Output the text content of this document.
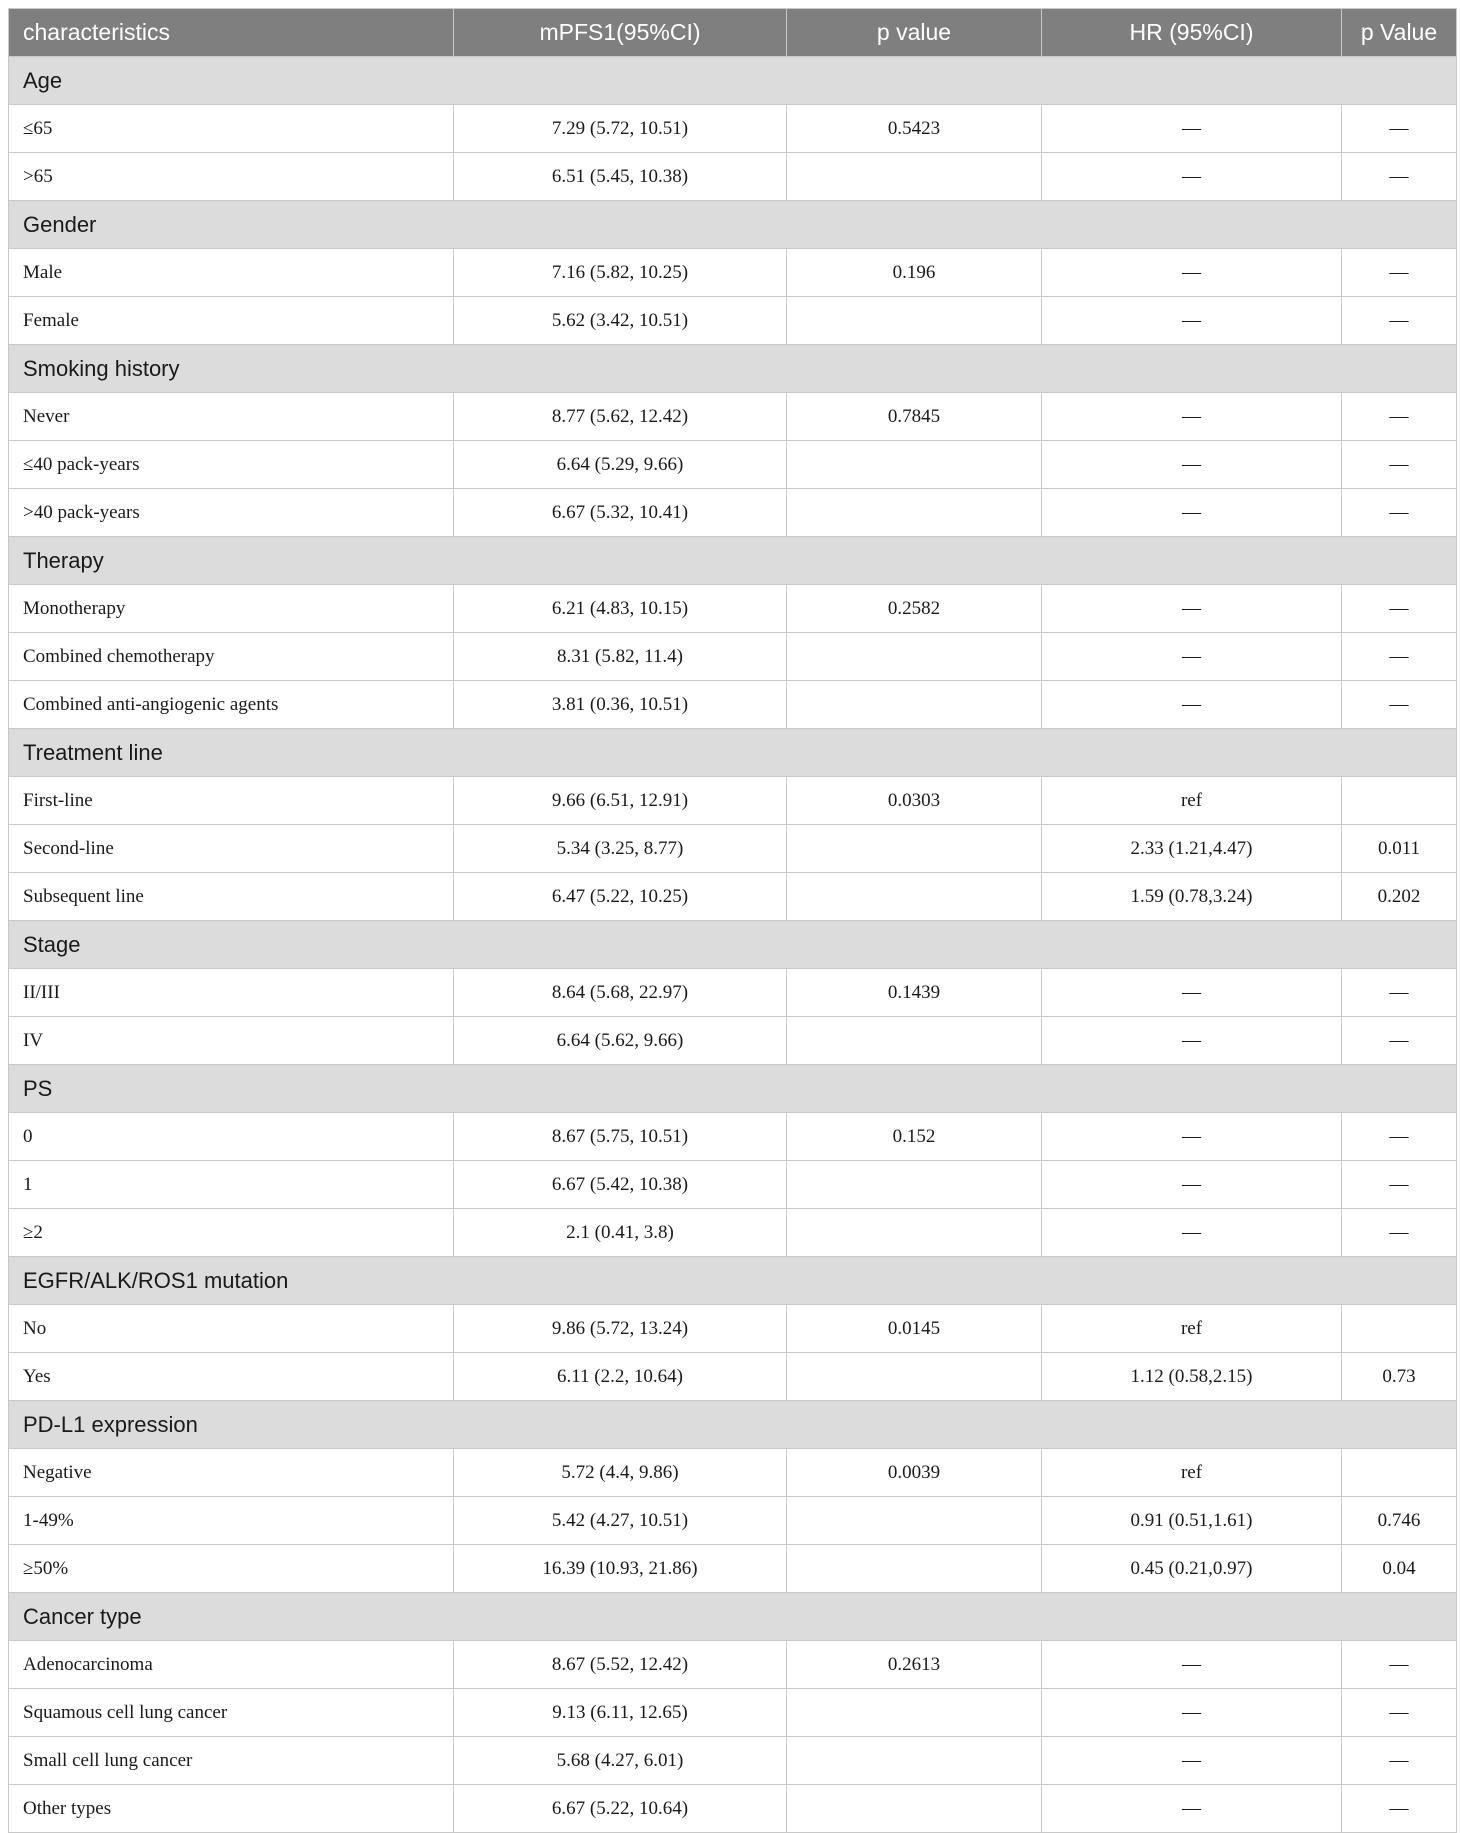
characteristics	mPFS1(95%CI)	p value	HR (95%CI)	p Value
Age				
≤65	7.29 (5.72, 10.51)	0.5423	—	—
>65	6.51 (5.45, 10.38)		—	—
Gender				
Male	7.16 (5.82, 10.25)	0.196	—	—
Female	5.62 (3.42, 10.51)		—	—
Smoking history				
Never	8.77 (5.62, 12.42)	0.7845	—	—
≤40 pack-years	6.64 (5.29, 9.66)		—	—
>40 pack-years	6.67 (5.32, 10.41)		—	—
Therapy				
Monotherapy	6.21 (4.83, 10.15)	0.2582	—	—
Combined chemotherapy	8.31 (5.82, 11.4)		—	—
Combined anti-angiogenic agents	3.81 (0.36, 10.51)		—	—
Treatment line				
First-line	9.66 (6.51, 12.91)	0.0303	ref	
Second-line	5.34 (3.25, 8.77)		2.33 (1.21,4.47)	0.011
Subsequent line	6.47 (5.22, 10.25)		1.59 (0.78,3.24)	0.202
Stage				
II/III	8.64 (5.68, 22.97)	0.1439	—	—
IV	6.64 (5.62, 9.66)		—	—
PS				
0	8.67 (5.75, 10.51)	0.152	—	—
1	6.67 (5.42, 10.38)		—	—
≥2	2.1 (0.41, 3.8)		—	—
EGFR/ALK/ROS1 mutation				
No	9.86 (5.72, 13.24)	0.0145	ref	
Yes	6.11 (2.2, 10.64)		1.12 (0.58,2.15)	0.73
PD-L1 expression				
Negative	5.72 (4.4, 9.86)	0.0039	ref	
1-49%	5.42 (4.27, 10.51)		0.91 (0.51,1.61)	0.746
≥50%	16.39 (10.93, 21.86)		0.45 (0.21,0.97)	0.04
Cancer type				
Adenocarcinoma	8.67 (5.52, 12.42)	0.2613	—	—
Squamous cell lung cancer	9.13 (6.11, 12.65)		—	—
Small cell lung cancer	5.68 (4.27, 6.01)		—	—
Other types	6.67 (5.22, 10.64)		—	—
